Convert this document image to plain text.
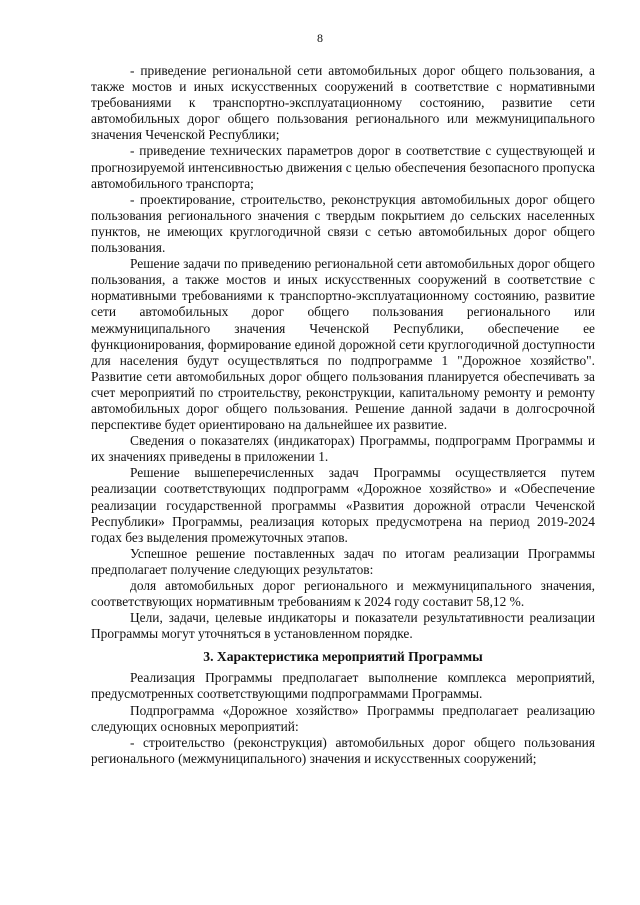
8

- приведение региональной сети автомобильных дорог общего пользования, а также мостов и иных искусственных сооружений в соответствие с нормативными требованиями к транспортно-эксплуатационному состоянию, развитие сети автомобильных дорог общего пользования регионального или межмуниципального значения Чеченской Республики;

- приведение технических параметров дорог в соответствие с существующей и прогнозируемой интенсивностью движения с целью обеспечения безопасного пропуска автомобильного транспорта;

- проектирование, строительство, реконструкция автомобильных дорог общего пользования регионального значения с твердым покрытием до сельских населенных пунктов, не имеющих круглогодичной связи с сетью автомобильных дорог общего пользования.

Решение задачи по приведению региональной сети автомобильных дорог общего пользования, а также мостов и иных искусственных сооружений в соответствие с нормативными требованиями к транспортно-эксплуатационному состоянию, развитие сети автомобильных дорог общего пользования регионального или межмуниципального значения Чеченской Республики, обеспечение ее функционирования, формирование единой дорожной сети круглогодичной доступности для населения будут осуществляться по подпрограмме 1 "Дорожное хозяйство". Развитие сети автомобильных дорог общего пользования планируется обеспечивать за счет мероприятий по строительству, реконструкции, капитальному ремонту и ремонту автомобильных дорог общего пользования. Решение данной задачи в долгосрочной перспективе будет ориентировано на дальнейшее их развитие.

Сведения о показателях (индикаторах) Программы, подпрограмм Программы и их значениях приведены в приложении 1.

Решение вышеперечисленных задач Программы осуществляется путем реализации соответствующих подпрограмм «Дорожное хозяйство» и «Обеспечение реализации государственной программы «Развития дорожной отрасли Чеченской Республики» Программы, реализация которых предусмотрена на период 2019-2024 годах без выделения промежуточных этапов.

Успешное решение поставленных задач по итогам реализации Программы предполагает получение следующих результатов:

доля автомобильных дорог регионального и межмуниципального значения, соответствующих нормативным требованиям к 2024 году составит 58,12 %.

Цели, задачи, целевые индикаторы и показатели результативности реализации Программы могут уточняться в установленном порядке.

3. Характеристика мероприятий Программы

Реализация Программы предполагает выполнение комплекса мероприятий, предусмотренных соответствующими подпрограммами Программы.

Подпрограмма «Дорожное хозяйство» Программы предполагает реализацию следующих основных мероприятий:

- строительство (реконструкция) автомобильных дорог общего пользования регионального (межмуниципального) значения и искусственных сооружений;
